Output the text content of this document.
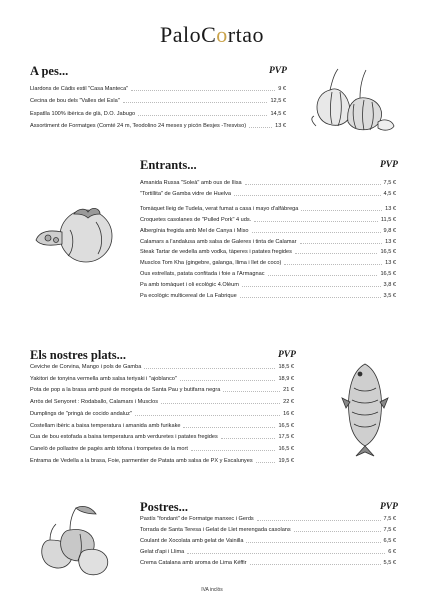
PaloCortao
A pes...	PVP
Llardons de Càdis estil "Casa Manteca"	9 €
Cecina de bou dels "Valles del Esla"	12,5 €
Espatlla 100% ibèrica de glà, D.O. Jabugo	14,5 €
Assortiment de Formatges (Comté 24 m, Teodolino 24 meses y picón Besjes -Tresviso)	13 €
Entrants...	PVP
Amanida Russa "Soleà" amb ous de Ilisa	7,5 €
"Tortillita" de Gamba vidre de Huelva	4,5 €
Tomàquet lleig de Tudela, verat fumat a casa i mayo d'alfàbrega	13 €
Croquetes casolanes de "Pulled Pork" 4 uds.	11,5 €
Albergínia fregida amb Mel de Canya i Miso	9,8 €
Calamars a l'andalusa amb salsa de Galeres i tinta de Calamar	13 €
Steak Tartar de vedella amb vodka, tàperes i patates fregides	16,5 €
Musclos Tom Kha (gingebre, galanga, llima i llet de coco)	13 €
Ous estrellats, patata confitada i foie a l'Armagnac	16,5 €
Pa amb tomàquet i oli ecològic 4.Olèum	3,8 €
Pa ecològic multicereal de La Fabrique	3,5 €
Els nostres plats...	PVP
Ceviche de Corvina, Mango i pols de Gamba	18,5 €
Yakitori de tonyina vermella amb salsa teriyaki i "ajoblanco"	18,9 €
Pota de pop a la brasa amb puré de mongeta de Santa Pau y butifarra negra	21 €
Arròs del Senyoret : Rodaballo, Calamars i Musclos	22 €
Dumplings de "pringà de cocido andaluz"	16 €
Costellam ibèric a baixa temperatura i amanida amb furikake	16,5 €
Cua de bou estofada a baixa temperatura amb verduretes i patates fregides	17,5 €
Canelò de pollastre de pagès amb tòfona i trompetes de la mort	16,5 €
Entrama de Vedella a la brasa, Foie, parmentier de Patata amb salsa de PX y Escalunyes	19,5 €
Postres...	PVP
Pastís "fondant" de Formatge manxec i Gerds	7,5 €
Torrada de Santa Teresa i Gelat de Llet merengada casolans	7,5 €
Coulant de Xocolata amb gelat de Vainilla	6,5 €
Gelat d'api i Llima	6 €
Crema Catalana amb aroma de Lima Kéffir	5,5 €
IVA inclòs
